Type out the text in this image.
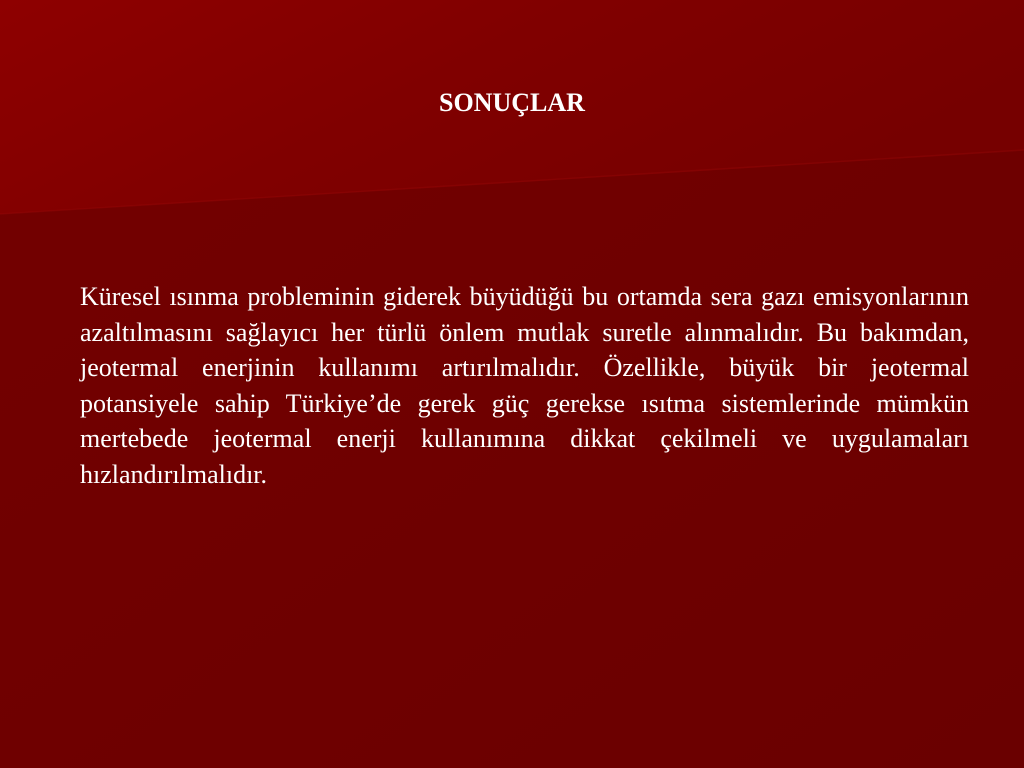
SONUÇLAR

Küresel ısınma probleminin giderek büyüdüğü bu ortamda sera gazı emisyonlarının azaltılmasını sağlayıcı her türlü önlem mutlak suretle alınmalıdır. Bu bakımdan, jeotermal enerjinin kullanımı artırılmalıdır. Özellikle, büyük bir jeotermal potansiyele sahip Türkiye’de gerek güç gerekse ısıtma sistemlerinde mümkün mertebede jeotermal enerji kullanımına dikkat çekilmeli ve uygulamaları hızlandırılmalıdır.
